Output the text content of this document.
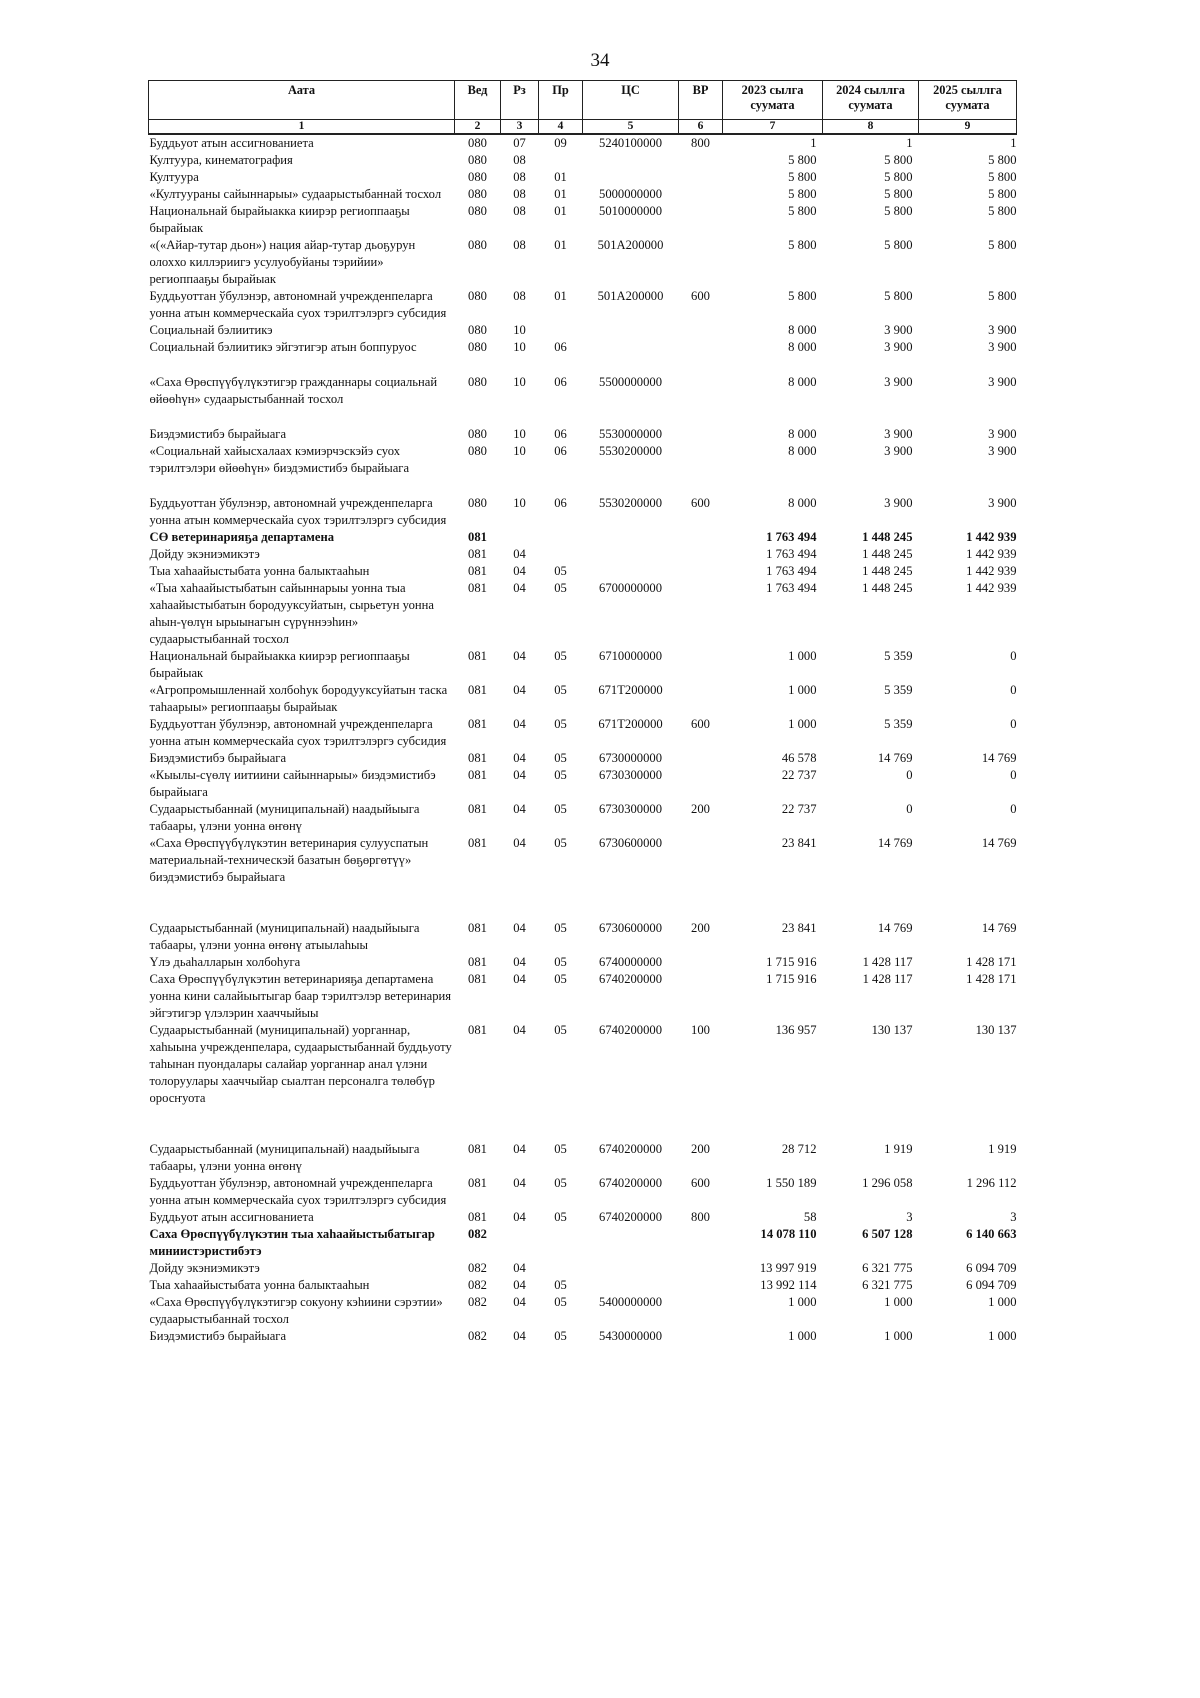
34
Аата	Вед	Рз	Пр	ЦС	ВР	2023 сылга суумата	2024 сыллга суумата	2025 сыллга суумата
1	2	3	4	5	6	7	8	9
Буддьуот атын ассигнованиета	080	07	09	5240100000	800	1	1	1
Култуура, кинематография	080	08				5 800	5 800	5 800
Култуура	080	08	01			5 800	5 800	5 800
«Култуураны сайыннарыы» судаарыстыбаннай тосхол	080	08	01	5000000000		5 800	5 800	5 800
Национальнай бырайыакка киирэр региоппааҕы бырайыак	080	08	01	5010000000		5 800	5 800	5 800
«(«Айар-тутар дьон») нация айар-тутар дьоҕурун олоххо киллэриигэ усулуобуйаны тэрийии» региоппааҕы бырайыак	080	08	01	501А200000		5 800	5 800	5 800
Буддьуоттан ўбулэнэр, автономнай учрежденпеларга уонна атын коммерческайа суох тэрилтэлэргэ субсидия	080	08	01	501А200000	600	5 800	5 800	5 800
Социальнай бэлиитикэ	080	10				8 000	3 900	3 900
Социальнай бэлиитикэ эйгэтигэр атын боппуруос	080	10	06			8 000	3 900	3 900
«Саха Өрөспүүбүлүкэтигэр гражданнары социальнай өйөөһүн» судаарыстыбаннай тосхол	080	10	06	5500000000		8 000	3 900	3 900
Биэдэмистибэ бырайыага	080	10	06	5530000000		8 000	3 900	3 900
«Социальнай хайысхалаах кэмиэрчэскэйэ суох тэрилтэлэри өйөөһүн» биэдэмистибэ бырайыага	080	10	06	5530200000		8 000	3 900	3 900
Буддьуоттан ўбулэнэр, автономнай учрежденпеларга уонна атын коммерческайа суох тэрилтэлэргэ субсидия	080	10	06	5530200000	600	8 000	3 900	3 900
СӨ ветеринарияҕа департамена	081					1 763 494	1 448 245	1 442 939
Дойду экэниэмикэтэ	081	04				1 763 494	1 448 245	1 442 939
Тыа хаһаайыстыбата уонна балыктааһын	081	04	05			1 763 494	1 448 245	1 442 939
«Тыа хаһаайыстыбатын сайыннарыы уонна тыа хаһаайыстыбатын бородууксуйатын, сырьетун уонна аһын-үөлүн ырыынагын сүрүннээһин» судаарыстыбаннай тосхол	081	04	05	6700000000		1 763 494	1 448 245	1 442 939
Национальнай бырайыакка киирэр региоппааҕы бырайыак	081	04	05	6710000000		1 000	5 359	0
«Агропромышленнай холбоһук бородууксуйатын таска таһаарыы» региоппааҕы бырайыак	081	04	05	671Т200000		1 000	5 359	0
Буддьуоттан ўбулэнэр, автономнай учрежденпеларга уонна атын коммерческайа суох тэрилтэлэргэ субсидия	081	04	05	671Т200000	600	1 000	5 359	0
Биэдэмистибэ бырайыага	081	04	05	6730000000		46 578	14 769	14 769
«Кыылы-сүөлү иитиини сайыннарыы» биэдэмистибэ бырайыага	081	04	05	6730300000		22 737	0	0
Судаарыстыбаннай (муниципальнай) наадыйыыга табаары, үлэни уонна өҥөнү	081	04	05	6730300000	200	22 737	0	0
«Саха Өрөспүүбүлүкэтин ветеринария сулууспатын материальнай-техническэй базатын бөҕөргөтүү» биэдэмистибэ бырайыага	081	04	05	6730600000		23 841	14 769	14 769
Судаарыстыбаннай (муниципальнай) наадыйыыга табаары, үлэни уонна өҥөнү атыылаһыы	081	04	05	6730600000	200	23 841	14 769	14 769
Үлэ дьаһалларын холбоһуга	081	04	05	6740000000		1 715 916	1 428 117	1 428 171
Саха Өрөспүүбүлүкэтин ветеринарияҕа департамена уонна кини салайыытыгар баар тэрилтэлэр ветеринария эйгэтигэр үлэлэрин хааччыйыы	081	04	05	6740200000		1 715 916	1 428 117	1 428 171
Судаарыстыбаннай (муниципальнай) уорганнар, хаһыына учрежденпелара, судаарыстыбаннай буддьуоту таһынан пуондалары салайар уорганнар анал үлэни толоруулары хааччыйар сыалтан персоналга төлөбүр оросҥуота	081	04	05	6740200000	100	136 957	130 137	130 137
Судаарыстыбаннай (муниципальнай) наадыйыыга табаары, үлэни уонна өҥөнү	081	04	05	6740200000	200	28 712	1 919	1 919
Буддьуоттан ўбулэнэр, автономнай учрежденпеларга уонна атын коммерческайа суох тэрилтэлэргэ субсидия	081	04	05	6740200000	600	1 550 189	1 296 058	1 296 112
Буддьуот атын ассигнованиета	081	04	05	6740200000	800	58	3	3
Саха Өрөспүүбүлүкэтин тыа хаһаайыстыбатыгар миниистэристибэтэ	082					14 078 110	6 507 128	6 140 663
Дойду экэниэмикэтэ	082	04				13 997 919	6 321 775	6 094 709
Тыа хаһаайыстыбата уонна балыктааһын	082	04	05			13 992 114	6 321 775	6 094 709
«Саха Өрөспүүбүлүкэтигэр сокуону кэһиини сэрэтии» судаарыстыбаннай тосхол	082	04	05	5400000000		1 000	1 000	1 000
Биэдэмистибэ бырайыага	082	04	05	5430000000		1 000	1 000	1 000
